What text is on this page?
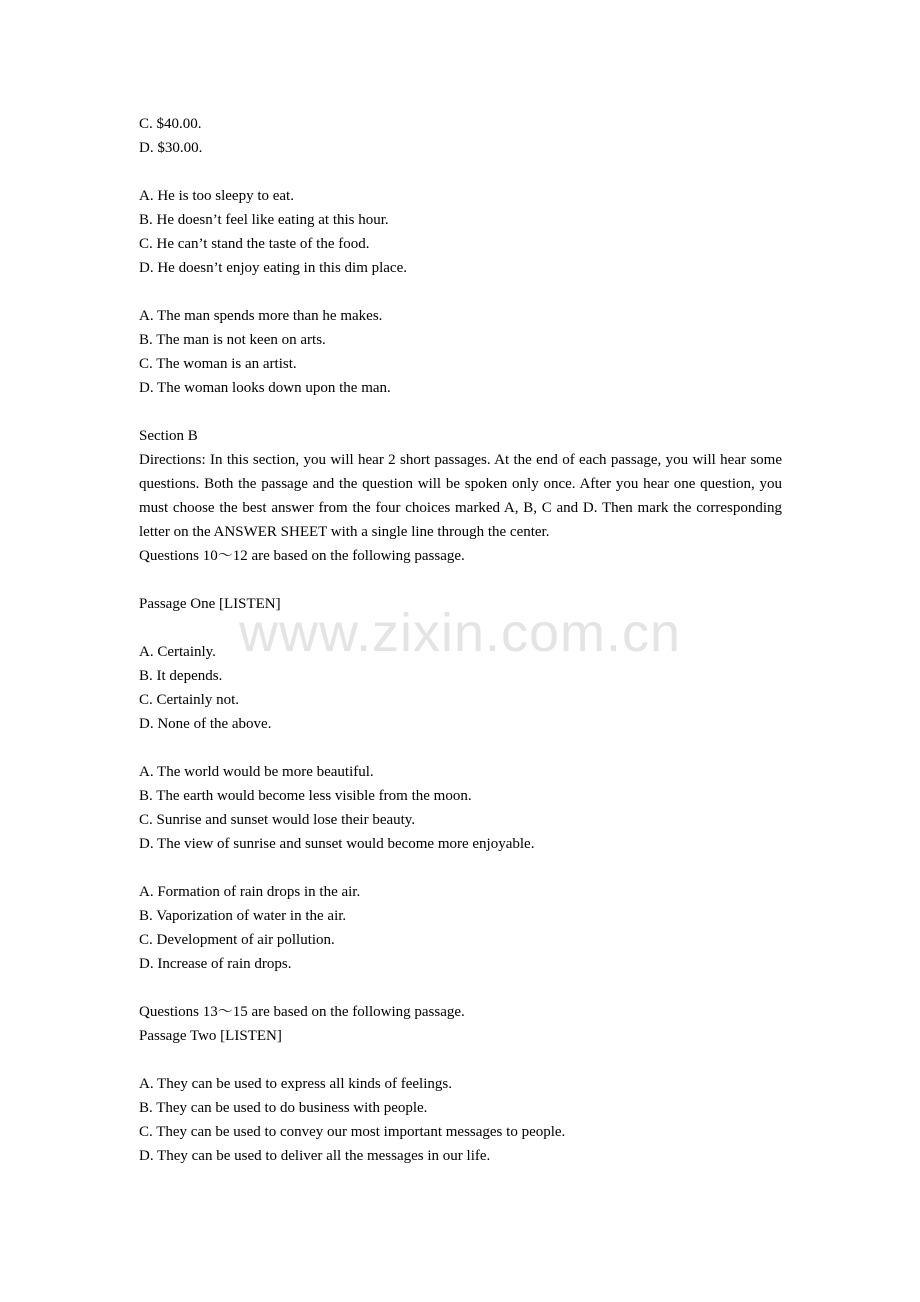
www.zixin.com.cn
C. $40.00.
D. $30.00.
A. He is too sleepy to eat.
B. He doesn’t feel like eating at this hour.
C. He can’t stand the taste of the food.
D. He doesn’t enjoy eating in this dim place.
A. The man spends more than he makes.
B. The man is not keen on arts.
C. The woman is an artist.
D. The woman looks down upon the man.
Section B
Directions: In this section, you will hear 2 short passages. At the end of each passage, you will hear some questions. Both the passage and the question will be spoken only once. After you hear one question, you must choose the best answer from the four choices marked A, B, C and D. Then mark the corresponding letter on the ANSWER SHEET with a single line through the center.
Questions 10～12 are based on the following passage.
Passage One [LISTEN]
A. Certainly.
B. It depends.
C. Certainly not.
D. None of the above.
A. The world would be more beautiful.
B. The earth would become less visible from the moon.
C. Sunrise and sunset would lose their beauty.
D. The view of sunrise and sunset would become more enjoyable.
A. Formation of rain drops in the air.
B. Vaporization of water in the air.
C. Development of air pollution.
D. Increase of rain drops.
Questions 13～15 are based on the following passage.
Passage Two [LISTEN]
A. They can be used to express all kinds of feelings.
B. They can be used to do business with people.
C. They can be used to convey our most important messages to people.
D. They can be used to deliver all the messages in our life.
